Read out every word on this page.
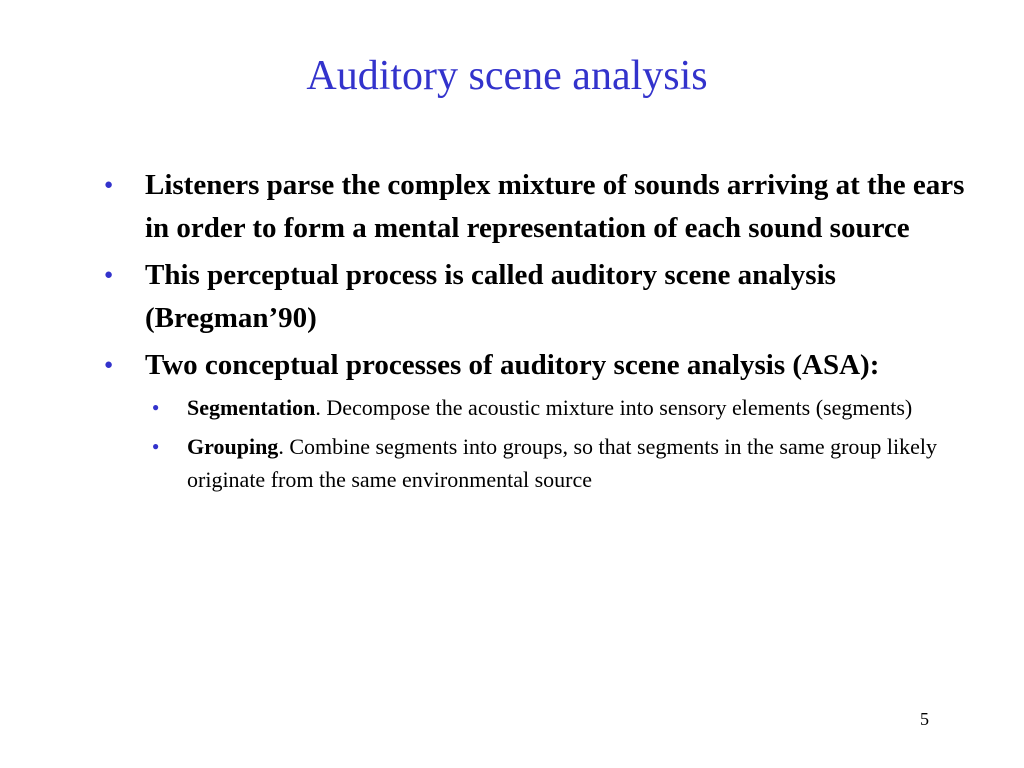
Auditory scene analysis
● Listeners parse the complex mixture of sounds arriving at the ears in order to form a mental representation of each sound source
● This perceptual process is called auditory scene analysis (Bregman’90)
● Two conceptual processes of auditory scene analysis (ASA):
● Segmentation. Decompose the acoustic mixture into sensory elements (segments)
● Grouping. Combine segments into groups, so that segments in the same group likely originate from the same environmental source
5
